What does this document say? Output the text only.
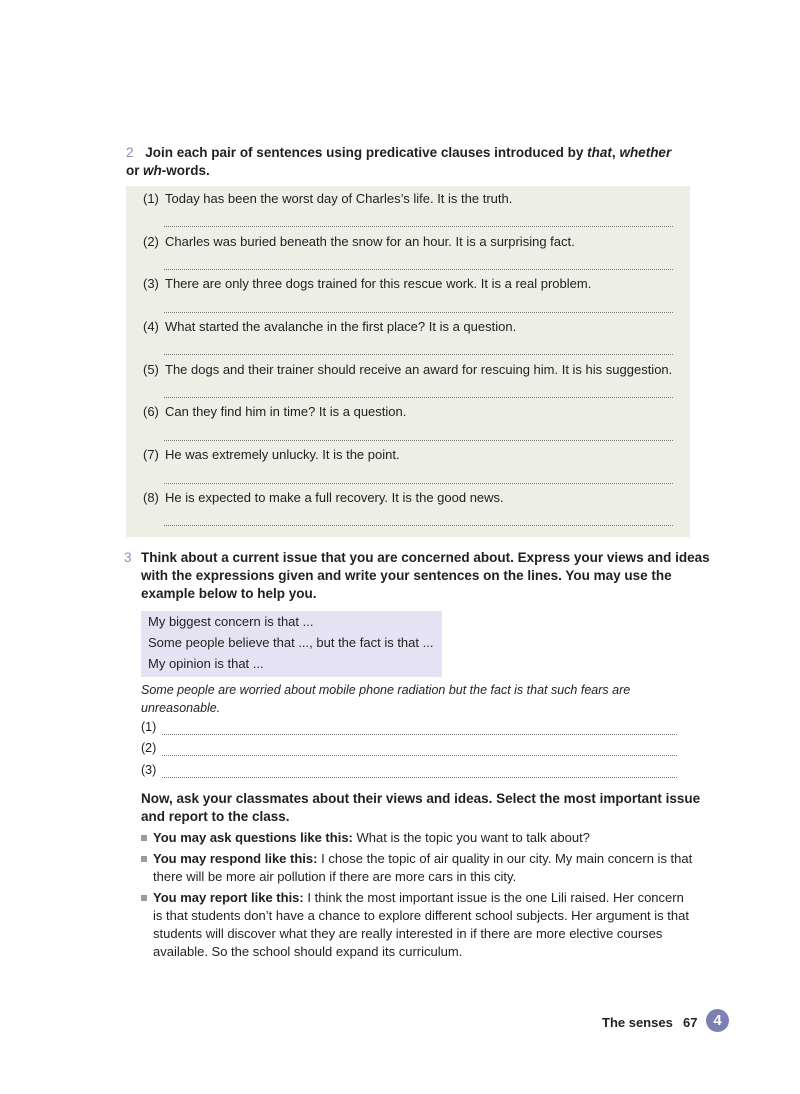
2 Join each pair of sentences using predicative clauses introduced by that, whether or wh-words.
(1) Today has been the worst day of Charles’s life. It is the truth.
(2) Charles was buried beneath the snow for an hour. It is a surprising fact.
(3) There are only three dogs trained for this rescue work. It is a real problem.
(4) What started the avalanche in the first place? It is a question.
(5) The dogs and their trainer should receive an award for rescuing him. It is his suggestion.
(6) Can they find him in time? It is a question.
(7) He was extremely unlucky. It is the point.
(8) He is expected to make a full recovery. It is the good news.
3 Think about a current issue that you are concerned about. Express your views and ideas
with the expressions given and write your sentences on the lines. You may use the
example below to help you.
My biggest concern is that ...
Some people believe that ..., but the fact is that ...
My opinion is that ...
Some people are worried about mobile phone radiation but the fact is that such fears are
unreasonable.
(1)
(2)
(3)
Now, ask your classmates about their views and ideas. Select the most important issue
and report to the class.
You may ask questions like this: What is the topic you want to talk about?
You may respond like this: I chose the topic of air quality in our city. My main concern is that there will be more air pollution if there are more cars in this city.
You may report like this: I think the most important issue is the one Lili raised. Her concern is that students don’t have a chance to explore different school subjects. Her argument is that students will discover what they are really interested in if there are more elective courses available. So the school should expand its curriculum.
The senses 67	4
